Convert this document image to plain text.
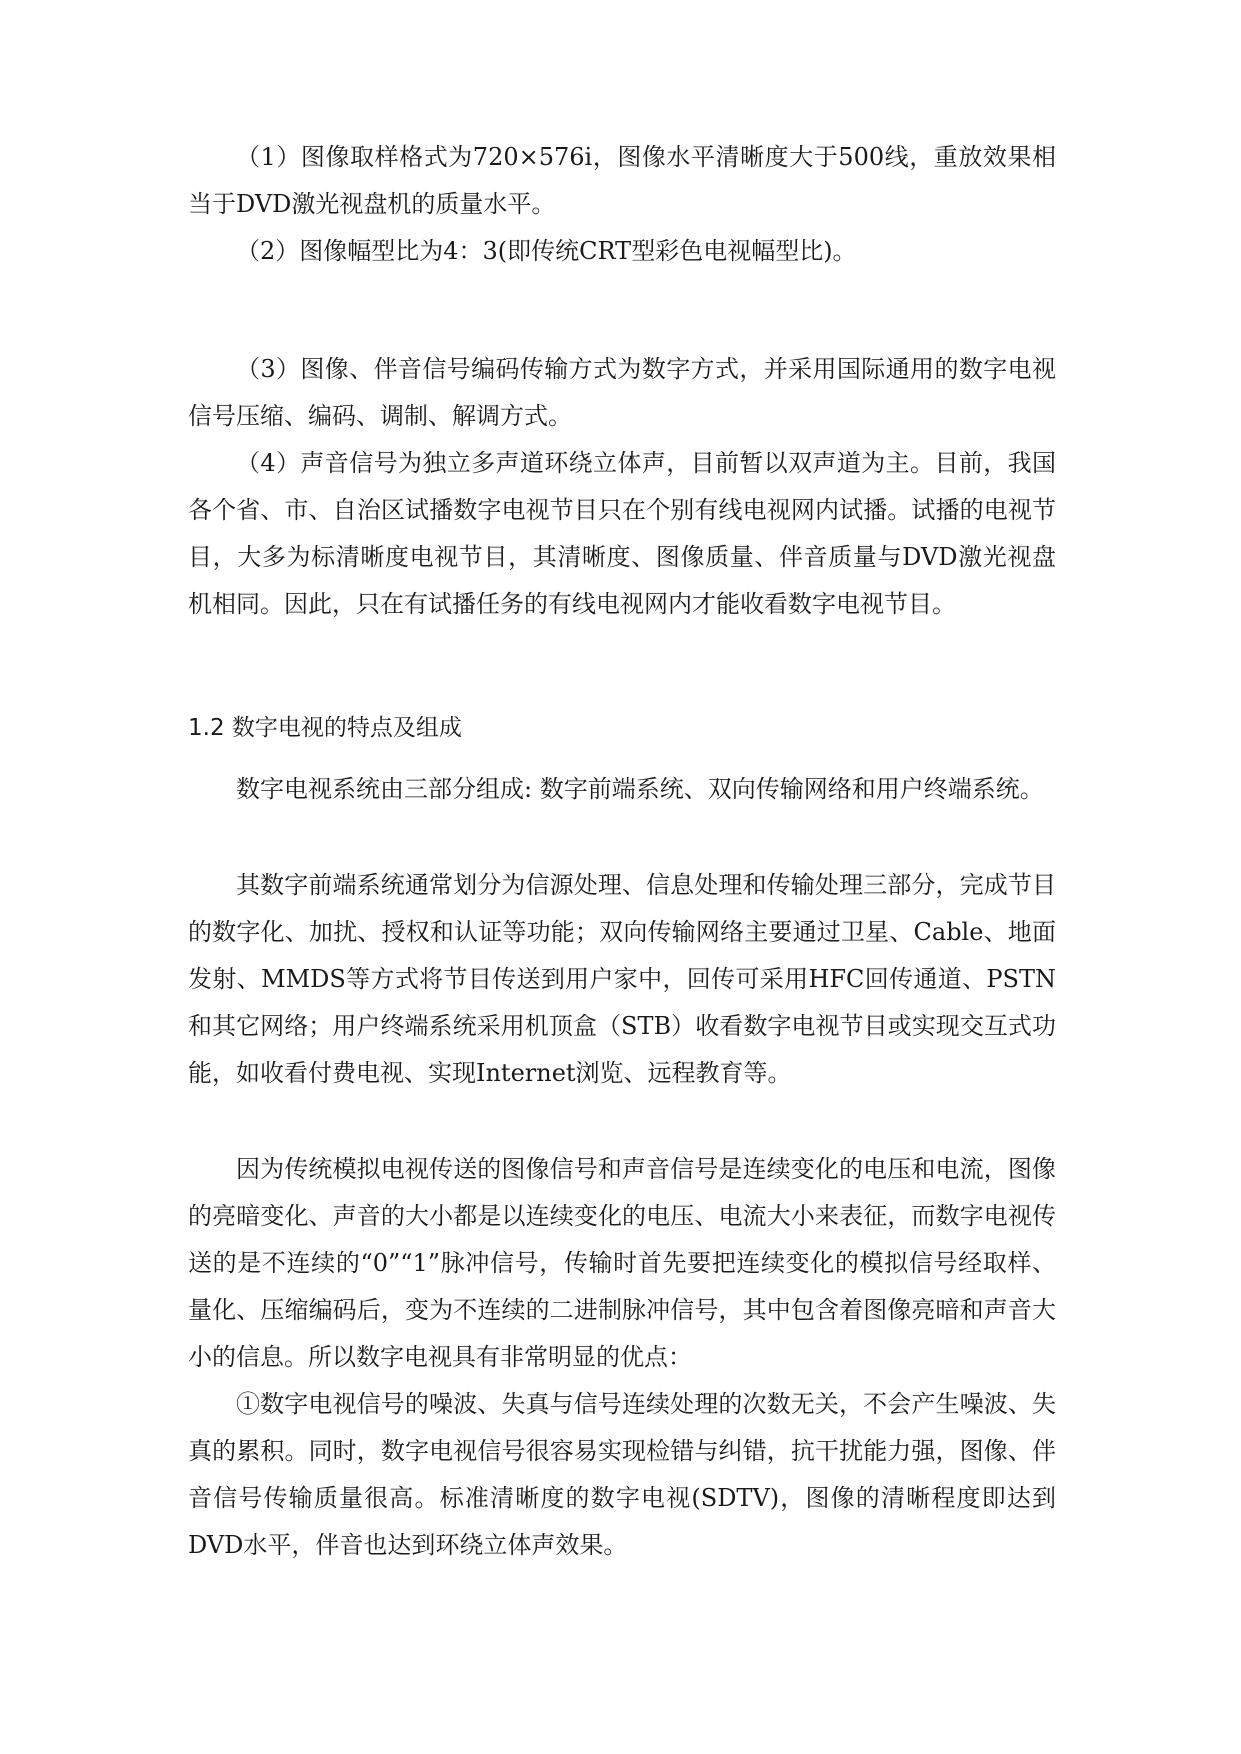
（1）图像取样格式为720×576i，图像水平清晰度大于500线，重放效果相当于DVD激光视盘机的质量水平。

（2）图像幅型比为4：3(即传统CRT型彩色电视幅型比)。

（3）图像、伴音信号编码传输方式为数字方式，并采用国际通用的数字电视信号压缩、编码、调制、解调方式。

（4）声音信号为独立多声道环绕立体声，目前暂以双声道为主。目前，我国各个省、市、自治区试播数字电视节目只在个别有线电视网内试播。试播的电视节目，大多为标清晰度电视节目，其清晰度、图像质量、伴音质量与DVD激光视盘机相同。因此，只在有试播任务的有线电视网内才能收看数字电视节目。

1.2 数字电视的特点及组成

数字电视系统由三部分组成: 数字前端系统、双向传输网络和用户终端系统。

其数字前端系统通常划分为信源处理、信息处理和传输处理三部分，完成节目的数字化、加扰、授权和认证等功能；双向传输网络主要通过卫星、Cable、地面发射、MMDS等方式将节目传送到用户家中，回传可采用HFC回传通道、PSTN和其它网络；用户终端系统采用机顶盒（STB）收看数字电视节目或实现交互式功能，如收看付费电视、实现Internet浏览、远程教育等。

因为传统模拟电视传送的图像信号和声音信号是连续变化的电压和电流，图像的亮暗变化、声音的大小都是以连续变化的电压、电流大小来表征，而数字电视传送的是不连续的“0”“1”脉冲信号，传输时首先要把连续变化的模拟信号经取样、量化、压缩编码后，变为不连续的二进制脉冲信号，其中包含着图像亮暗和声音大小的信息。所以数字电视具有非常明显的优点：

①数字电视信号的噪波、失真与信号连续处理的次数无关，不会产生噪波、失真的累积。同时，数字电视信号很容易实现检错与纠错，抗干扰能力强，图像、伴音信号传输质量很高。标准清晰度的数字电视(SDTV)，图像的清晰程度即达到DVD水平，伴音也达到环绕立体声效果。
